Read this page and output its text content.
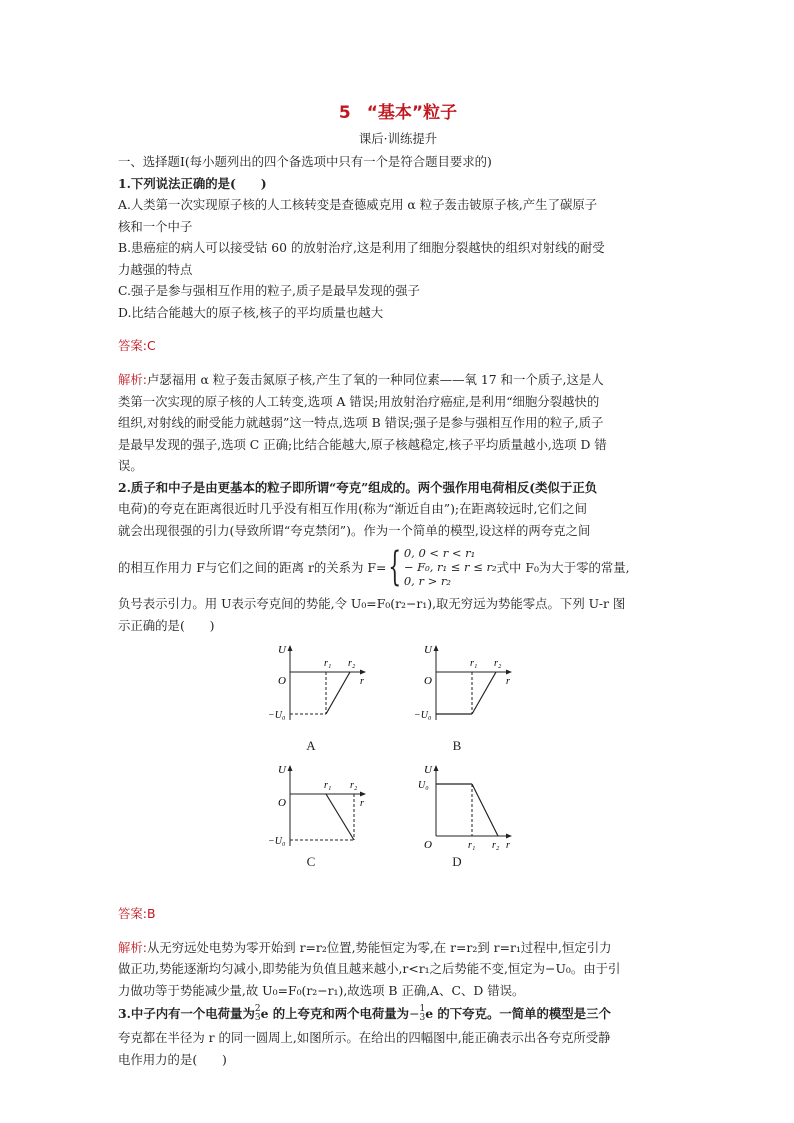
5 “基本”粒子
课后·训练提升

一、选择题Ⅰ(每小题列出的四个备选项中只有一个是符合题目要求的)

1.下列说法正确的是(　　)

A.人类第一次实现原子核的人工核转变是查德威克用 α 粒子轰击铍原子核,产生了碳原子

核和一个中子

B.患癌症的病人可以接受钴 60 的放射治疗,这是利用了细胞分裂越快的组织对射线的耐受

力越强的特点

C.强子是参与强相互作用的粒子,质子是最早发现的强子

D.比结合能越大的原子核,核子的平均质量也越大

答案:C

解析:卢瑟福用 α 粒子轰击氮原子核,产生了氧的一种同位素——氧 17 和一个质子,这是人

类第一次实现的原子核的人工转变,选项 A 错误;用放射治疗癌症,是利用“细胞分裂越快的

组织,对射线的耐受能力就越弱”这一特点,选项 B 错误;强子是参与强相互作用的粒子,质子

是最早发现的强子,选项 C 正确;比结合能越大,原子核越稳定,核子平均质量越小,选项 D 错

误。

2.质子和中子是由更基本的粒子即所谓“夸克”组成的。两个强作用电荷相反(类似于正负

电荷)的夸克在距离很近时几乎没有相互作用(称为“渐近自由”);在距离较远时,它们之间

就会出现很强的引力(导致所谓“夸克禁闭”)。作为一个简单的模型,设这样的两夸克之间

的相互作用力 F与它们之间的距离 r的关系为 F= { 0, 0 < r < r₁
− F₀, r₁ ≤ r ≤ r₂
0, r > r₂
式中 F₀为大于零的常量,

负号表示引力。用 U表示夸克间的势能,令 U₀=F₀(r₂−r₁),取无穷远为势能零点。下列 U-r 图

示正确的是(　　)

U
O	r
r₁ r₂
−U₀
A
U
O	r
r₁ r₂
−U₀
B
U
O	r
r₁ r₂
−U₀
C
U
O	r
r₁ r₂
U₀
D

答案:B

解析:从无穷远处电势为零开始到 r=r₂位置,势能恒定为零,在 r=r₂到 r=r₁过程中,恒定引力

做正功,势能逐渐均匀减小,即势能为负值且越来越小,r<r₁之后势能不变,恒定为−U₀。由于引

力做功等于势能减少量,故 U₀=F₀(r₂−r₁),故选项 B 正确,A、C、D 错误。

3.中子内有一个电荷量为 2
3 e 的上夸克和两个电荷量为 − 1
3 e 的下夸克。一简单的模型是三个

夸克都在半径为 r 的同一圆周上,如图所示。在给出的四幅图中,能正确表示出各夸克所受静

电作用力的是(　　)
